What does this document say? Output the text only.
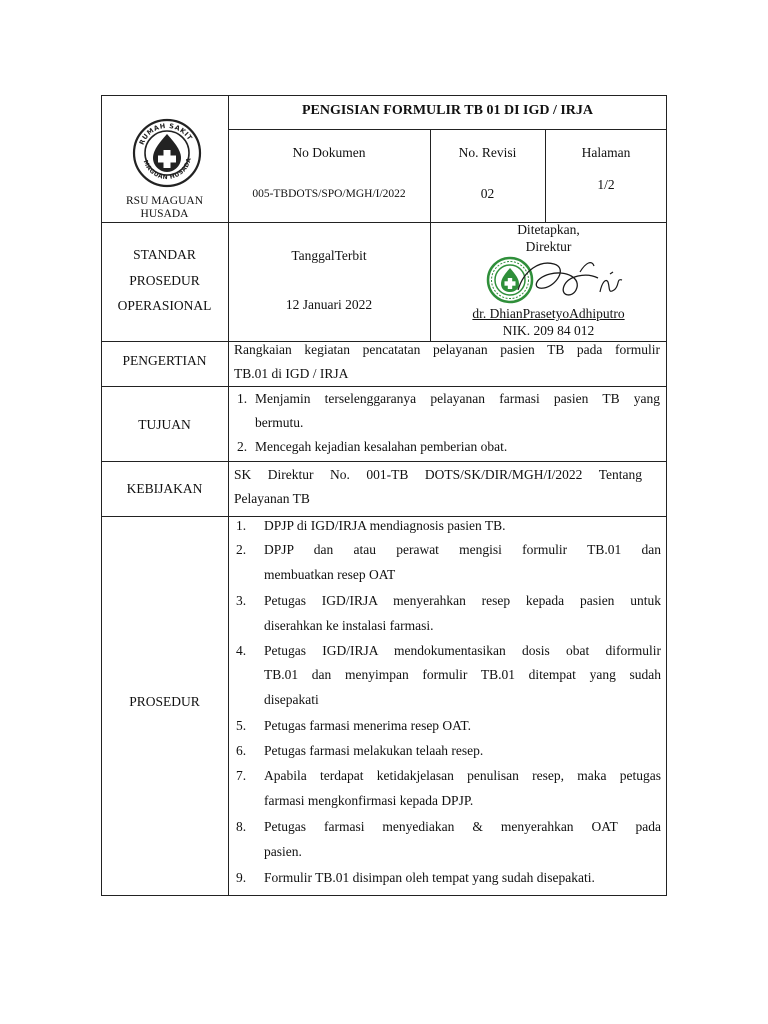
PENGISIAN FORMULIR TB 01 DI IGD / IRJA
RUMAH SAKIT
MAGUAN HUSADA
RSU MAGUAN
HUSADA
No Dokumen
005-TBDOTS/SPO/MGH/I/2022
No. Revisi
02
Halaman
1/2
STANDAR
PROSEDUR
OPERASIONAL
TanggalTerbit
12 Januari 2022
Ditetapkan,
Direktur
dr. DhianPrasetyoAdhiputro
NIK. 209 84 012
PENGERTIAN
Rangkaian kegiatan pencatatan pelayanan pasien TB pada formulir
TB.01 di IGD / IRJA
TUJUAN
1. Menjamin terselenggaranya pelayanan farmasi pasien TB yang
bermutu.
2. Mencegah kejadian kesalahan pemberian obat.
KEBIJAKAN
SK Direktur No. 001-TB DOTS/SK/DIR/MGH/I/2022 Tentang
Pelayanan TB
PROSEDUR
1. DPJP di IGD/IRJA mendiagnosis pasien TB.
2. DPJP dan atau perawat mengisi formulir TB.01 dan
membuatkan resep OAT
3. Petugas IGD/IRJA menyerahkan resep kepada pasien untuk
diserahkan ke instalasi farmasi.
4. Petugas IGD/IRJA mendokumentasikan dosis obat diformulir
TB.01 dan menyimpan formulir TB.01 ditempat yang sudah
disepakati
5. Petugas farmasi menerima resep OAT.
6. Petugas farmasi melakukan telaah resep.
7. Apabila terdapat ketidakjelasan penulisan resep, maka petugas
farmasi mengkonfirmasi kepada DPJP.
8. Petugas farmasi menyediakan & menyerahkan OAT pada
pasien.
9. Formulir TB.01 disimpan oleh tempat yang sudah disepakati.
